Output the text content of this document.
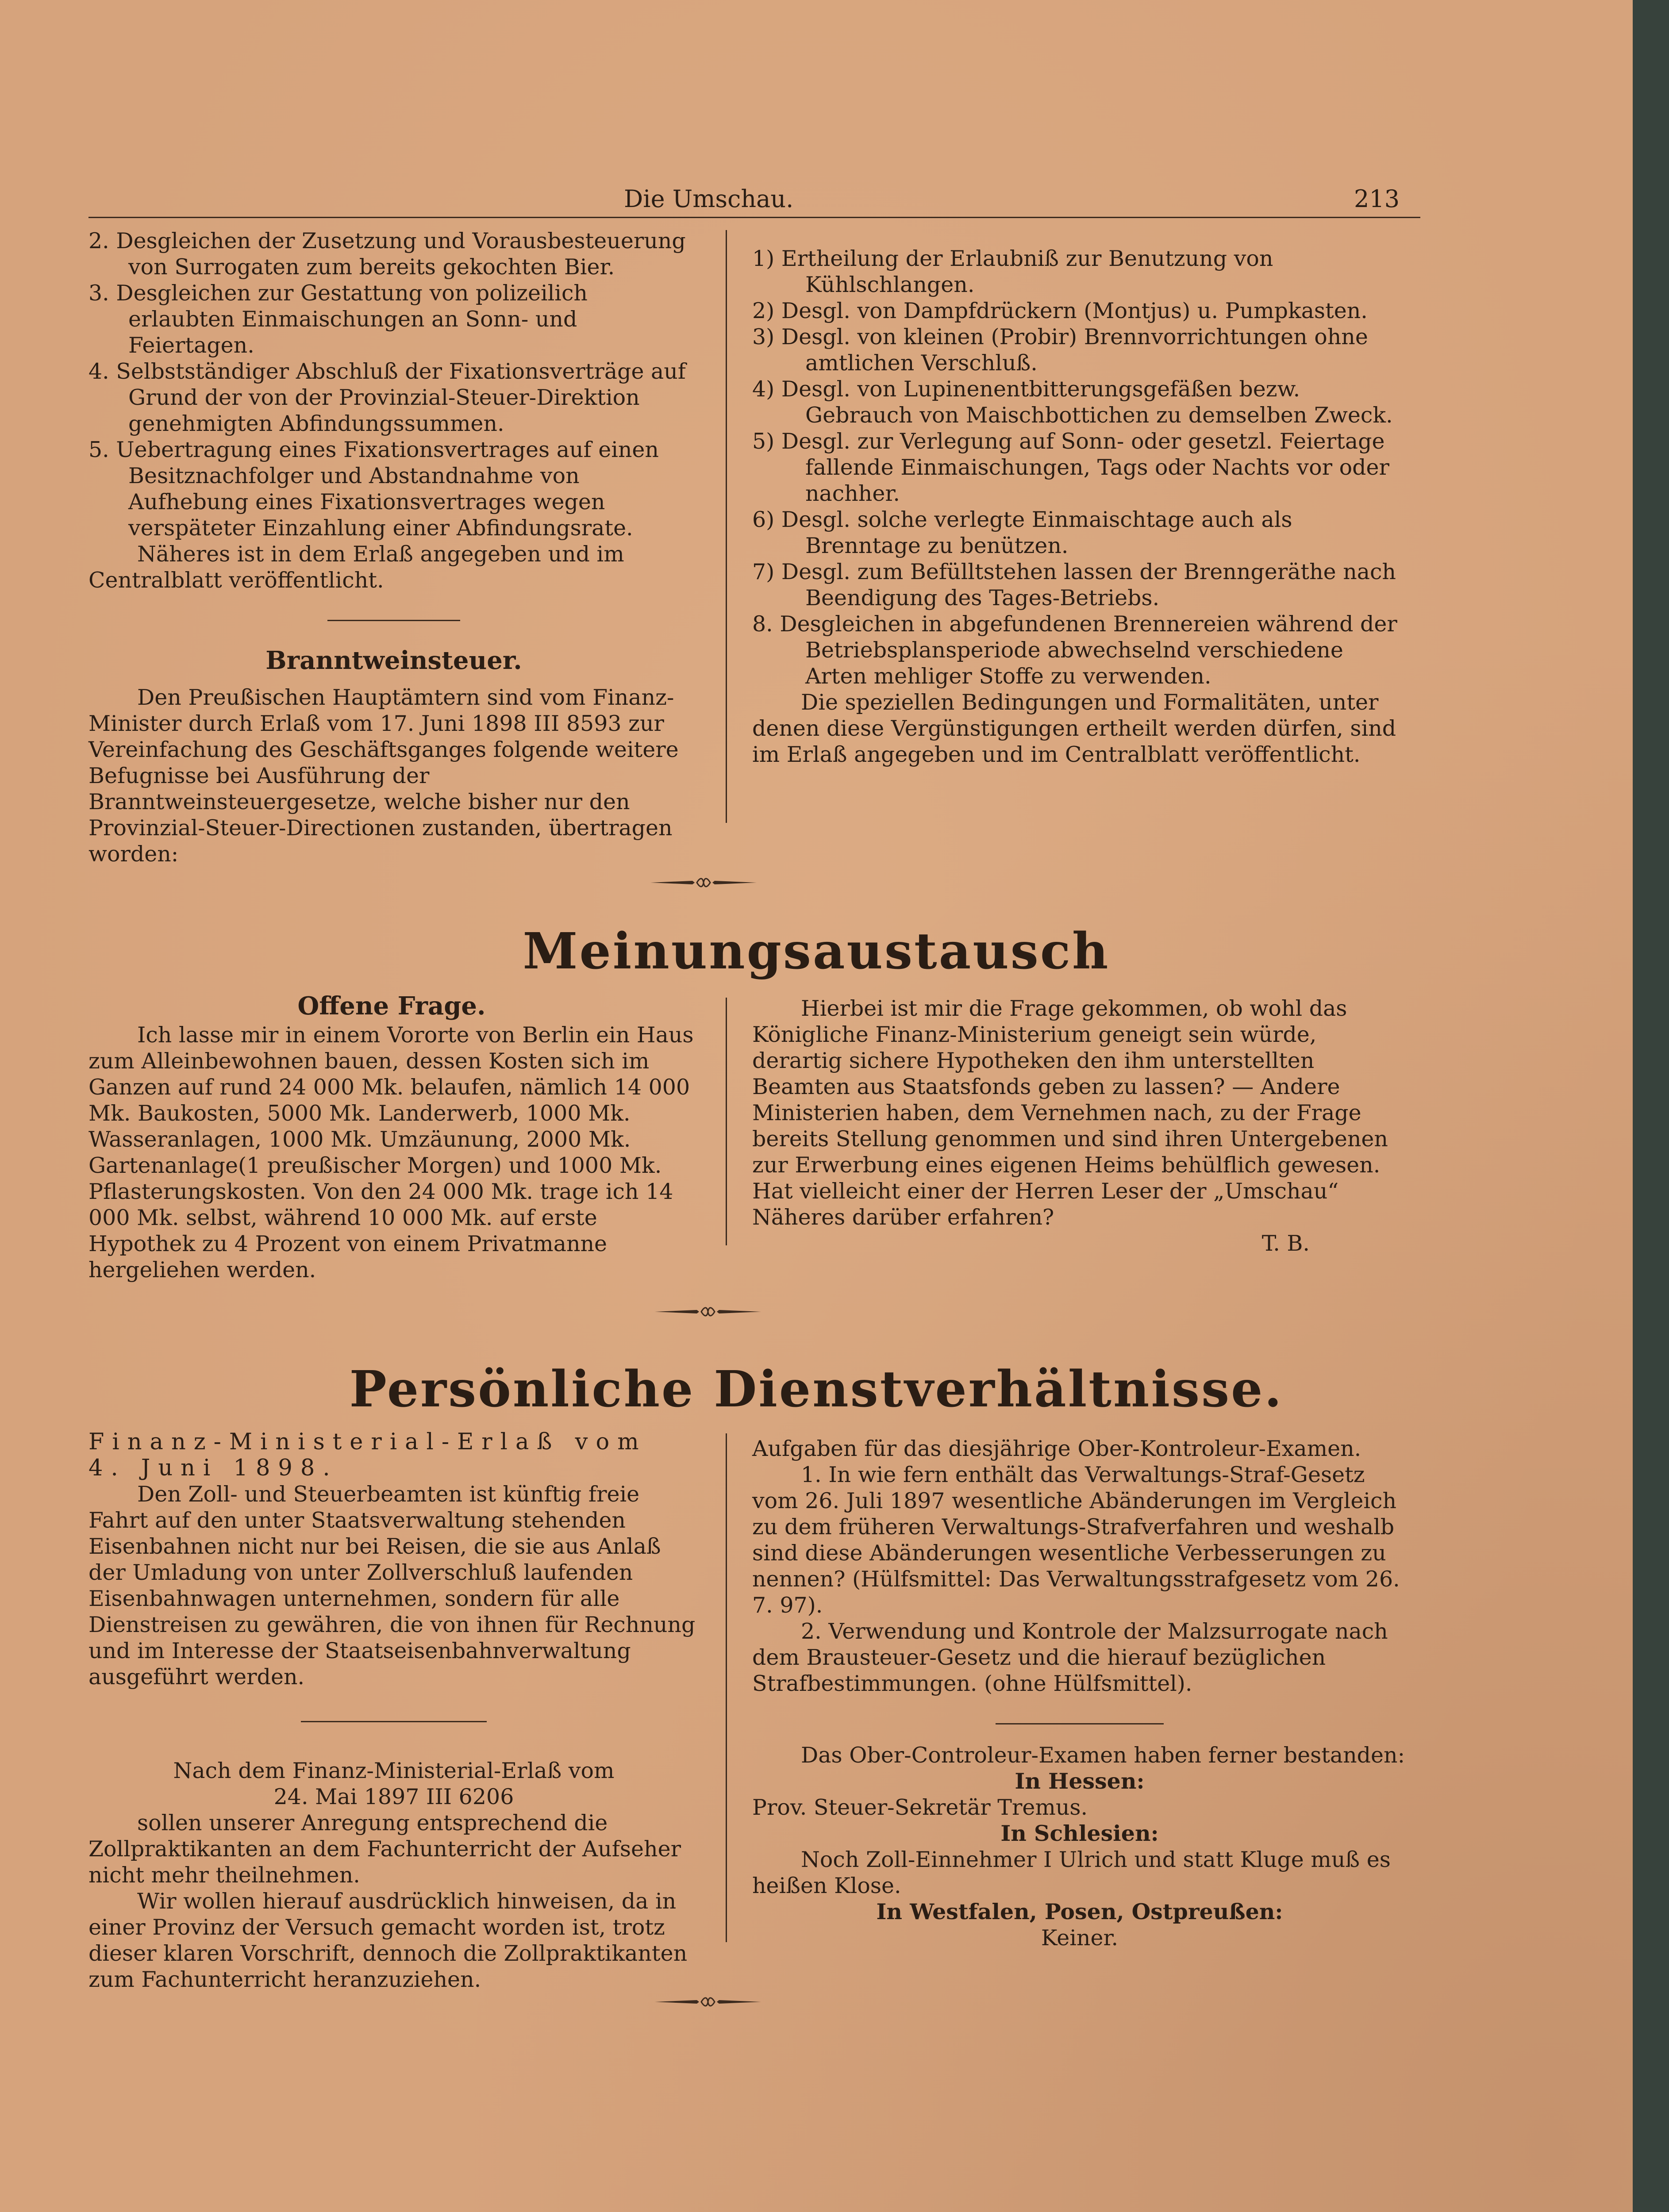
Die Umschau.	213

2. Desgleichen der Zusetzung und Vorausbesteuerung von Surrogaten zum bereits gekochten Bier.

3. Desgleichen zur Gestattung von polizeilich erlaubten Einmaischungen an Sonn- und Feiertagen.

4. Selbstständiger Abschluß der Fixationsverträge auf Grund der von der Provinzial-Steuer-Direktion genehmigten Abfindungssummen.

5. Uebertragung eines Fixationsvertrages auf einen Besitznachfolger und Abstandnahme von Aufhebung eines Fixationsvertrages wegen verspäteter Einzahlung einer Abfindungsrate.

Näheres ist in dem Erlaß angegeben und im Centralblatt veröffentlicht.

Branntweinsteuer.

Den Preußischen Hauptämtern sind vom Finanz-Minister durch Erlaß vom 17. Juni 1898 III 8593 zur Vereinfachung des Geschäftsganges folgende weitere Befugnisse bei Ausführung der Branntweinsteuergesetze, welche bisher nur den Provinzial-Steuer-Directionen zustanden, übertragen worden:

1) Ertheilung der Erlaubniß zur Benutzung von Kühlschlangen.

2) Desgl. von Dampfdrückern (Montjus) u. Pumpkasten.

3) Desgl. von kleinen (Probir) Brennvorrichtungen ohne amtlichen Verschluß.

4) Desgl. von Lupinenentbitterungsgefäßen bezw. Gebrauch von Maischbottichen zu demselben Zweck.

5) Desgl. zur Verlegung auf Sonn- oder gesetzl. Feiertage fallende Einmaischungen, Tags oder Nachts vor oder nachher.

6) Desgl. solche verlegte Einmaischtage auch als Brenntage zu benützen.

7) Desgl. zum Befülltstehen lassen der Brenngeräthe nach Beendigung des Tages-Betriebs.

8. Desgleichen in abgefundenen Brennereien während der Betriebsplansperiode abwechselnd verschiedene Arten mehliger Stoffe zu verwenden.

Die speziellen Bedingungen und Formalitäten, unter denen diese Vergünstigungen ertheilt werden dürfen, sind im Erlaß angegeben und im Centralblatt veröffentlicht.

Meinungsaustausch

Offene Frage.

Ich lasse mir in einem Vororte von Berlin ein Haus zum Alleinbewohnen bauen, dessen Kosten sich im Ganzen auf rund 24 000 Mk. belaufen, nämlich 14 000 Mk. Baukosten, 5000 Mk. Landerwerb, 1000 Mk. Wasseranlagen, 1000 Mk. Umzäunung, 2000 Mk. Gartenanlage(1 preußischer Morgen) und 1000 Mk. Pflasterungskosten. Von den 24 000 Mk. trage ich 14 000 Mk. selbst, während 10 000 Mk. auf erste Hypothek zu 4 Prozent von einem Privatmanne hergeliehen werden.

Hierbei ist mir die Frage gekommen, ob wohl das Königliche Finanz-Ministerium geneigt sein würde, derartig sichere Hypotheken den ihm unterstellten Beamten aus Staatsfonds geben zu lassen? — Andere Ministerien haben, dem Vernehmen nach, zu der Frage bereits Stellung genommen und sind ihren Untergebenen zur Erwerbung eines eigenen Heims behülflich gewesen. Hat vielleicht einer der Herren Leser der „Umschau“ Näheres darüber erfahren?

T. B.

Persönliche Dienstverhältnisse.

Finanz-Ministerial-Erlaß vom 4. Juni 1898.

Den Zoll- und Steuerbeamten ist künftig freie Fahrt auf den unter Staatsverwaltung stehenden Eisenbahnen nicht nur bei Reisen, die sie aus Anlaß der Umladung von unter Zollverschluß laufenden Eisenbahnwagen unternehmen, sondern für alle Dienstreisen zu gewähren, die von ihnen für Rechnung und im Interesse der Staatseisenbahnverwaltung ausgeführt werden.

Nach dem Finanz-Ministerial-Erlaß vom

24. Mai 1897 III 6206

sollen unserer Anregung entsprechend die Zollpraktikanten an dem Fachunterricht der Aufseher nicht mehr theilnehmen.

Wir wollen hierauf ausdrücklich hinweisen, da in einer Provinz der Versuch gemacht worden ist, trotz dieser klaren Vorschrift, dennoch die Zollpraktikanten zum Fachunterricht heranzuziehen.

Aufgaben für das diesjährige Ober-Kontroleur-Examen.

1. In wie fern enthält das Verwaltungs-Straf-Gesetz vom 26. Juli 1897 wesentliche Abänderungen im Vergleich zu dem früheren Verwaltungs-Strafverfahren und weshalb sind diese Abänderungen wesentliche Verbesserungen zu nennen? (Hülfsmittel: Das Verwaltungsstrafgesetz vom 26. 7. 97).

2. Verwendung und Kontrole der Malzsurrogate nach dem Brausteuer-Gesetz und die hierauf bezüglichen Strafbestimmungen. (ohne Hülfsmittel).

Das Ober-Controleur-Examen haben ferner bestanden:

In Hessen:

Prov. Steuer-Sekretär Tremus.

In Schlesien:

Noch Zoll-Einnehmer I Ulrich und statt Kluge muß es heißen Klose.

In Westfalen, Posen, Ostpreußen:

Keiner.
